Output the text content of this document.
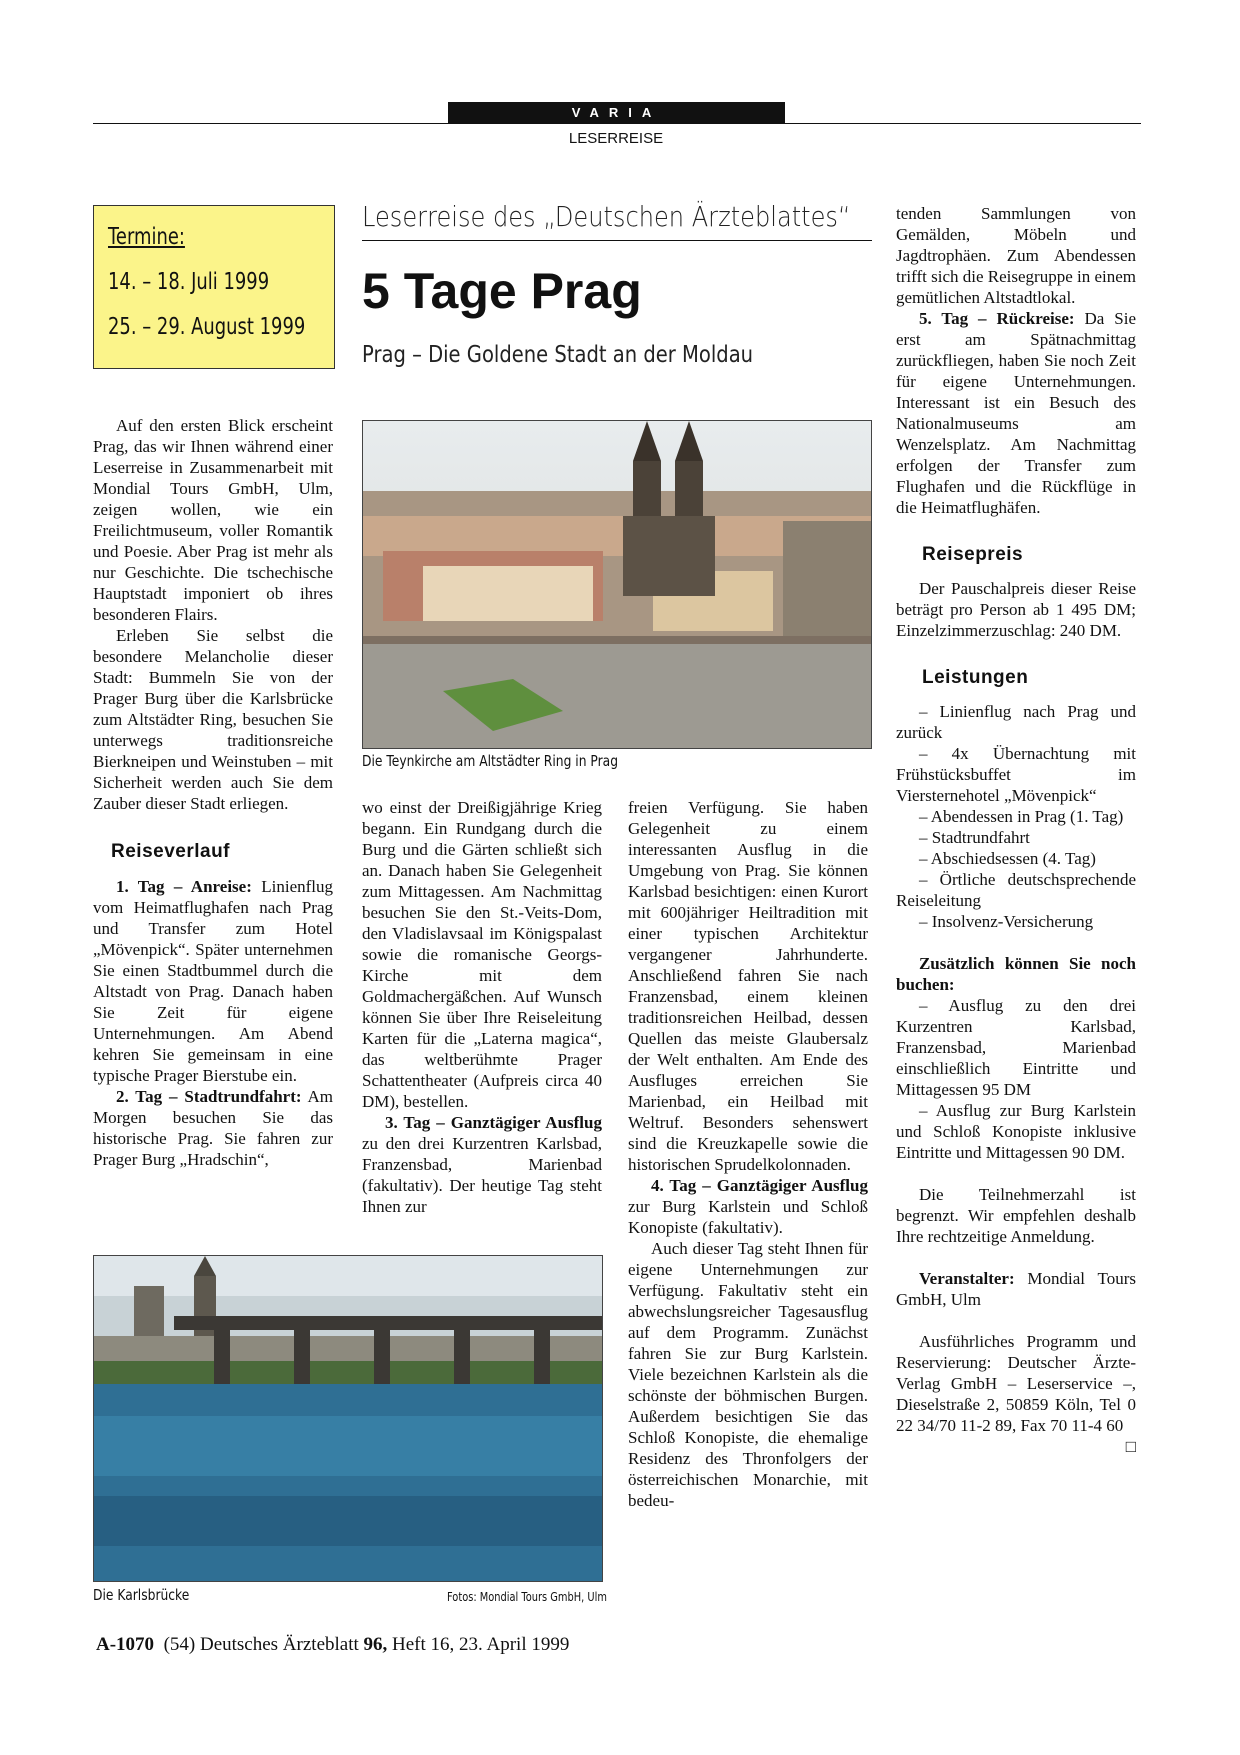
VARIA
LESERREISE
Termine:
14. – 18. Juli 1999
25. – 29. August 1999
Leserreise des „Deutschen Ärzteblattes“
5 Tage Prag
Prag – Die Goldene Stadt an der Moldau
Die Teynkirche am Altstädter Ring in Prag

Auf den ersten Blick erscheint Prag, das wir Ihnen während einer Leserreise in Zusammenarbeit mit Mondial Tours GmbH, Ulm, zeigen wollen, wie ein Freilichtmuseum, voller Romantik und Poesie. Aber Prag ist mehr als nur Geschichte. Die tschechische Hauptstadt imponiert ob ihres besonderen Flairs.

Erleben Sie selbst die besondere Melancholie dieser Stadt: Bummeln Sie von der Prager Burg über die Karlsbrücke zum Altstädter Ring, besuchen Sie unterwegs traditionsreiche Bierkneipen und Weinstuben – mit Sicherheit werden auch Sie dem Zauber dieser Stadt erliegen.

Reiseverlauf

1. Tag – Anreise: Linienflug vom Heimatflughafen nach Prag und Transfer zum Hotel „Mövenpick“. Später unternehmen Sie einen Stadtbummel durch die Altstadt von Prag. Danach haben Sie Zeit für eigene Unternehmungen. Am Abend kehren Sie gemeinsam in eine typische Prager Bierstube ein.

2. Tag – Stadtrundfahrt: Am Morgen besuchen Sie das historische Prag. Sie fahren zur Prager Burg „Hradschin“,

wo einst der Dreißigjährige Krieg begann. Ein Rundgang durch die Burg und die Gärten schließt sich an. Danach haben Sie Gelegenheit zum Mittagessen. Am Nachmittag besuchen Sie den St.-Veits-Dom, den Vladislavsaal im Königspalast sowie die romanische Georgs-Kirche mit dem Goldmachergäßchen. Auf Wunsch können Sie über Ihre Reiseleitung Karten für die „Laterna magica“, das weltberühmte Prager Schattentheater (Aufpreis circa 40 DM), bestellen.

3. Tag – Ganztägiger Ausflug zu den drei Kurzentren Karlsbad, Franzensbad, Marienbad (fakultativ). Der heutige Tag steht Ihnen zur

Die Karlsbrücke	Fotos: Mondial Tours GmbH, Ulm

freien Verfügung. Sie haben Gelegenheit zu einem interessanten Ausflug in die Umgebung von Prag. Sie können Karlsbad besichtigen: einen Kurort mit 600jähriger Heiltradition mit einer typischen Architektur vergangener Jahrhunderte. Anschließend fahren Sie nach Franzensbad, einem kleinen traditionsreichen Heilbad, dessen Quellen das meiste Glaubersalz der Welt enthalten. Am Ende des Ausfluges erreichen Sie Marienbad, ein Heilbad mit Weltruf. Besonders sehenswert sind die Kreuzkapelle sowie die historischen Sprudelkolonnaden.

4. Tag – Ganztägiger Ausflug zur Burg Karlstein und Schloß Konopiste (fakultativ).

Auch dieser Tag steht Ihnen für eigene Unternehmungen zur Verfügung. Fakultativ steht ein abwechslungsreicher Tagesausflug auf dem Programm. Zunächst fahren Sie zur Burg Karlstein. Viele bezeichnen Karlstein als die schönste der böhmischen Burgen. Außerdem besichtigen Sie das Schloß Konopiste, die ehemalige Residenz des Thronfolgers der österreichischen Monarchie, mit bedeu-

tenden Sammlungen von Gemälden, Möbeln und Jagdtrophäen. Zum Abendessen trifft sich die Reisegruppe in einem gemütlichen Altstadtlokal.

5. Tag – Rückreise: Da Sie erst am Spätnachmittag zurückfliegen, haben Sie noch Zeit für eigene Unternehmungen. Interessant ist ein Besuch des Nationalmuseums am Wenzelsplatz. Am Nachmittag erfolgen der Transfer zum Flughafen und die Rückflüge in die Heimatflughäfen.

Reisepreis

Der Pauschalpreis dieser Reise beträgt pro Person ab 1 495 DM; Einzelzimmerzuschlag: 240 DM.

Leistungen

– Linienflug nach Prag und zurück

– 4x Übernachtung mit Frühstücksbuffet im Viersternehotel „Mövenpick“

– Abendessen in Prag (1. Tag)

– Stadtrundfahrt

– Abschiedsessen (4. Tag)

– Örtliche deutschsprechende Reiseleitung

– Insolvenz-Versicherung

Zusätzlich können Sie noch buchen:

– Ausflug zu den drei Kurzentren Karlsbad, Franzensbad, Marienbad einschließlich Eintritte und Mittagessen 95 DM

– Ausflug zur Burg Karlstein und Schloß Konopiste inklusive Eintritte und Mittagessen 90 DM.

Die Teilnehmerzahl ist begrenzt. Wir empfehlen deshalb Ihre rechtzeitige Anmeldung.

Veranstalter: Mondial Tours GmbH, Ulm

Ausführliches Programm und Reservierung: Deutscher Ärzte-Verlag GmbH – Leserservice –, Dieselstraße 2, 50859 Köln, Tel 0 22 34/70 11-2 89, Fax 70 11-4 60
□

A-1070 (54) Deutsches Ärzteblatt 96, Heft 16, 23. April 1999
